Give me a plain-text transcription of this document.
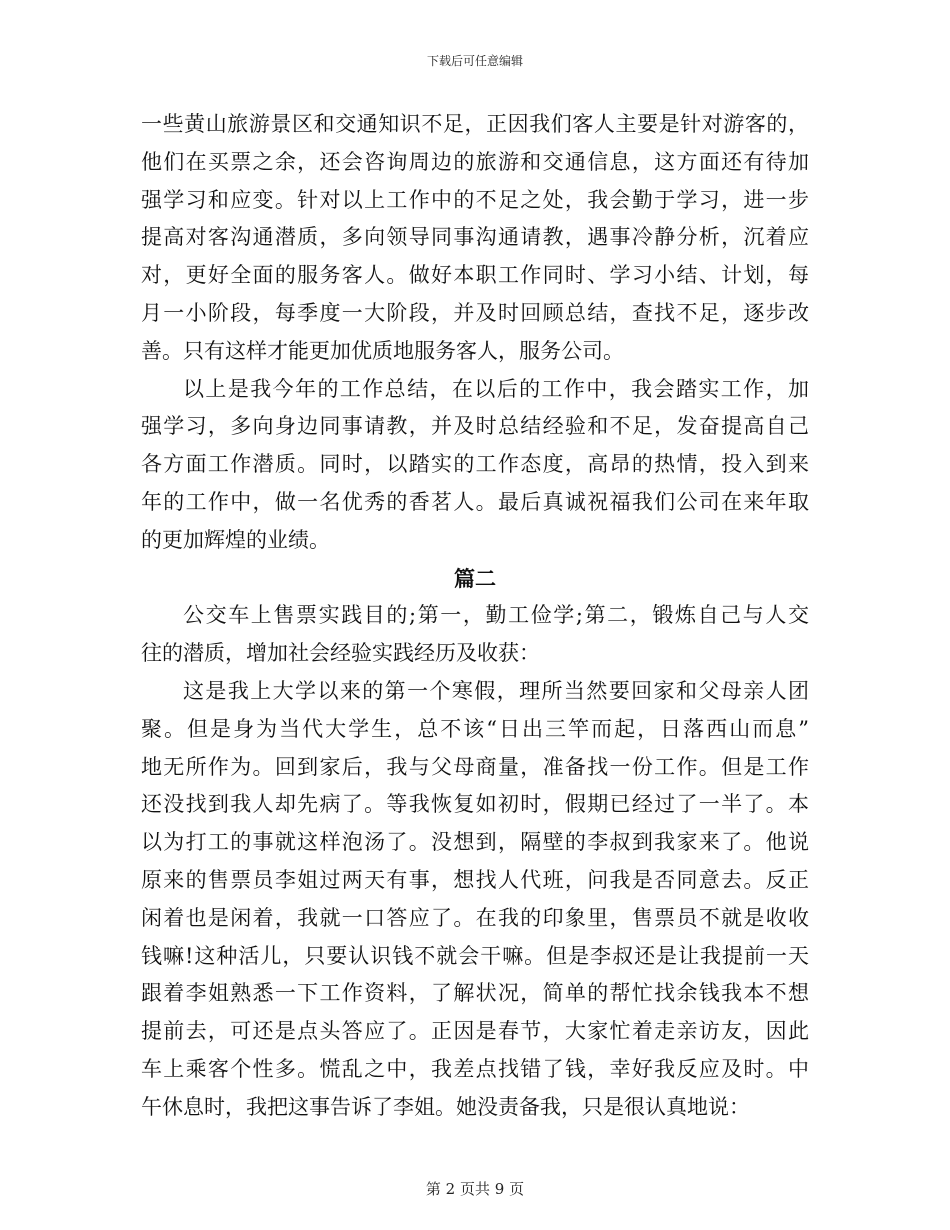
下载后可任意编辑
一些黄山旅游景区和交通知识不足，正因我们客人主要是针对游客的，
他们在买票之余，还会咨询周边的旅游和交通信息，这方面还有待加
强学习和应变。针对以上工作中的不足之处，我会勤于学习，进一步
提高对客沟通潜质，多向领导同事沟通请教，遇事冷静分析，沉着应
对，更好全面的服务客人。做好本职工作同时、学习小结、计划，每
月一小阶段，每季度一大阶段，并及时回顾总结，查找不足，逐步改
善。只有这样才能更加优质地服务客人，服务公司。
以上是我今年的工作总结，在以后的工作中，我会踏实工作，加
强学习，多向身边同事请教，并及时总结经验和不足，发奋提高自己
各方面工作潜质。同时，以踏实的工作态度，高昂的热情，投入到来
年的工作中，做一名优秀的香茗人。最后真诚祝福我们公司在来年取
的更加辉煌的业绩。
篇二
公交车上售票实践目的;第一，勤工俭学;第二，锻炼自己与人交
往的潜质，增加社会经验实践经历及收获：
这是我上大学以来的第一个寒假，理所当然要回家和父母亲人团
聚。但是身为当代大学生，总不该“日出三竿而起，日落西山而息”
地无所作为。回到家后，我与父母商量，准备找一份工作。但是工作
还没找到我人却先病了。等我恢复如初时，假期已经过了一半了。本
以为打工的事就这样泡汤了。没想到，隔壁的李叔到我家来了。他说
原来的售票员李姐过两天有事，想找人代班，问我是否同意去。反正
闲着也是闲着，我就一口答应了。在我的印象里，售票员不就是收收
钱嘛!这种活儿，只要认识钱不就会干嘛。但是李叔还是让我提前一天
跟着李姐熟悉一下工作资料，了解状况，简单的帮忙找余钱我本不想
提前去，可还是点头答应了。正因是春节，大家忙着走亲访友，因此
车上乘客个性多。慌乱之中，我差点找错了钱，幸好我反应及时。中
午休息时，我把这事告诉了李姐。她没责备我，只是很认真地说：
第 2 页共 9 页
